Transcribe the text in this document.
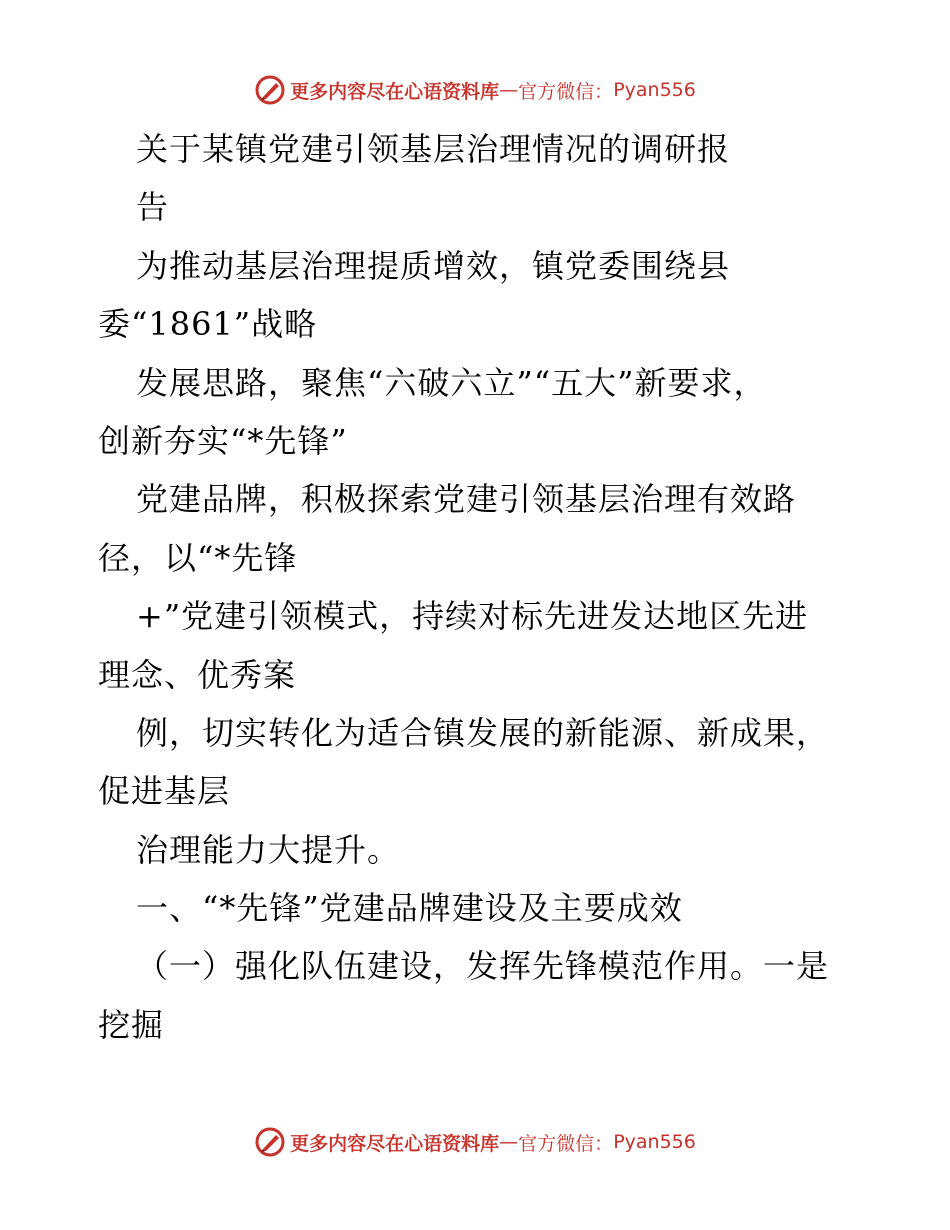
更多内容尽在心语资料库 — 官方微信： Pyan556
关于某镇党建引领基层治理情况的调研报
告
为推动基层治理提质增效，镇党委围绕县
委“1861”战略
发展思路，聚焦“六破六立”“五大”新要求，
创新夯实“*先锋”
党建品牌，积极探索党建引领基层治理有效路
径，以“*先锋
+”党建引领模式，持续对标先进发达地区先进
理念、优秀案
例，切实转化为适合镇发展的新能源、新成果，
促进基层
治理能力大提升。
一、“*先锋”党建品牌建设及主要成效
（一）强化队伍建设，发挥先锋模范作用。一是
挖掘
更多内容尽在心语资料库 — 官方微信： Pyan556
